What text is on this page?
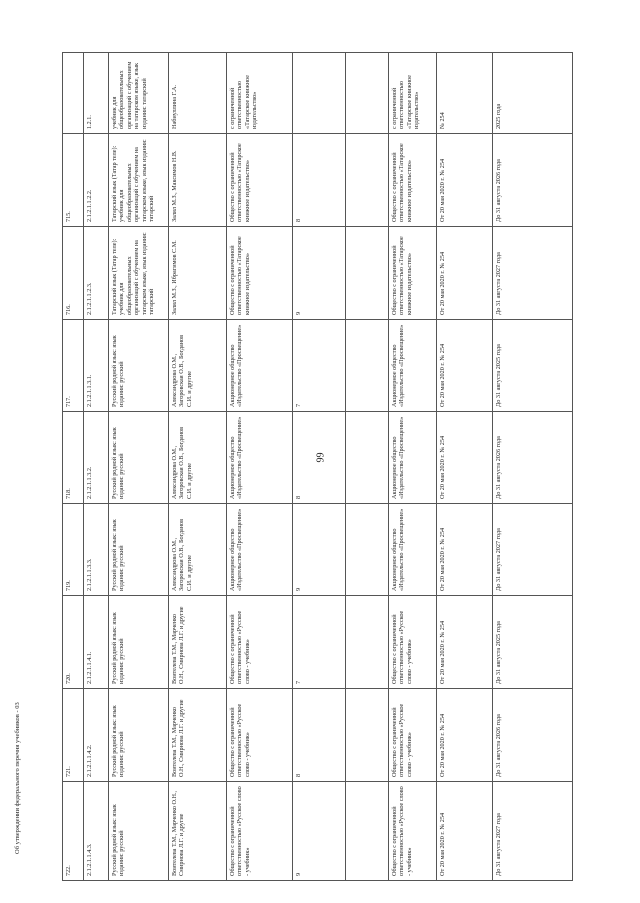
99
Об утверждении федерального перечня учебников - 03

	1.2.1.	учебник для общеобразовательных организаций с обучением на татарском языке, язык издания: татарский	Набиуллина Г.А.	с ограниченной ответственностью «Татарское книжное издательство»			с ограниченной ответственностью «Татарское книжное издательство»	№ 254	2025 года

715.	2.1.2.1.1.2.2.	Татарский язык (Татар теле): учебник для общеобразовательных организаций с обучением на татарском языке, язык издания: татарский	Залял М.З., Максимов Н.В.	Общество с ограниченной ответственностью «Татарское книжное издательство»	8		Общество с ограниченной ответственностью «Татарское книжное издательство»	От 20 мая 2020 г. № 254	До 31 августа 2026 года

716.	2.1.2.1.1.2.3.	Татарский язык (Татар теле): учебник для общеобразовательных организаций с обучением на татарском языке, язык издания: татарский	Залял М.З., Ибрагимов С.М.	Общество с ограниченной ответственностью «Татарское книжное издательство»	9		Общество с ограниченной ответственностью «Татарское книжное издательство»	От 20 мая 2020 г. № 254	До 31 августа 2027 года

717.	2.1.2.1.1.3.1.	Русский родной язык: язык издания: русский	Александрова О.М., Загоровская О.В., Богданов С.И. и другие	Акционерное общество «Издательство «Просвещение»	7		Акционерное общество «Издательство «Просвещение»	От 20 мая 2020 г. № 254	До 31 августа 2025 года

718.	2.1.2.1.1.3.2.	Русский родной язык: язык издания: русский	Александрова О.М., Загоровская О.В., Богданов С.И. и другие	Акционерное общество «Издательство «Просвещение»	8		Акционерное общество «Издательство «Просвещение»	От 20 мая 2020 г. № 254	До 31 августа 2026 года

719.	2.1.2.1.1.3.3.	Русский родной язык: язык издания: русский	Александрова О.М., Загоровская О.В., Богданов С.И. и другие	Акционерное общество «Издательство «Просвещение»	9		Акционерное общество «Издательство «Просвещение»	От 20 мая 2020 г. № 254	До 31 августа 2027 года

720.	2.1.2.1.1.4.1.	Русский родной язык: язык издания: русский	Воителева Т.М., Марченко О.Н., Смирнова Л.Г. и другие	Общество с ограниченной ответственностью «Русское слово - учебник»	7		Общество с ограниченной ответственностью «Русское слово - учебник»	От 20 мая 2020 г. № 254	До 31 августа 2025 года

721.	2.1.2.1.1.4.2.	Русский родной язык: язык издания: русский	Воителева Т.М., Марченко О.Н., Смирнова Л.Г. и другие	Общество с ограниченной ответственностью «Русское слово - учебник»	8		Общество с ограниченной ответственностью «Русское слово - учебник»	От 20 мая 2020 г. № 254	До 31 августа 2026 года

722.	2.1.2.1.1.4.3.	Русский родной язык: язык издания: русский	Воителева Т.М., Марченко О.Н., Смирнова Л.Г. и другие	Общество с ограниченной ответственностью «Русское слово - учебник»	9		Общество с ограниченной ответственностью «Русское слово - учебник»	От 20 мая 2020 г. № 254	До 31 августа 2027 года
